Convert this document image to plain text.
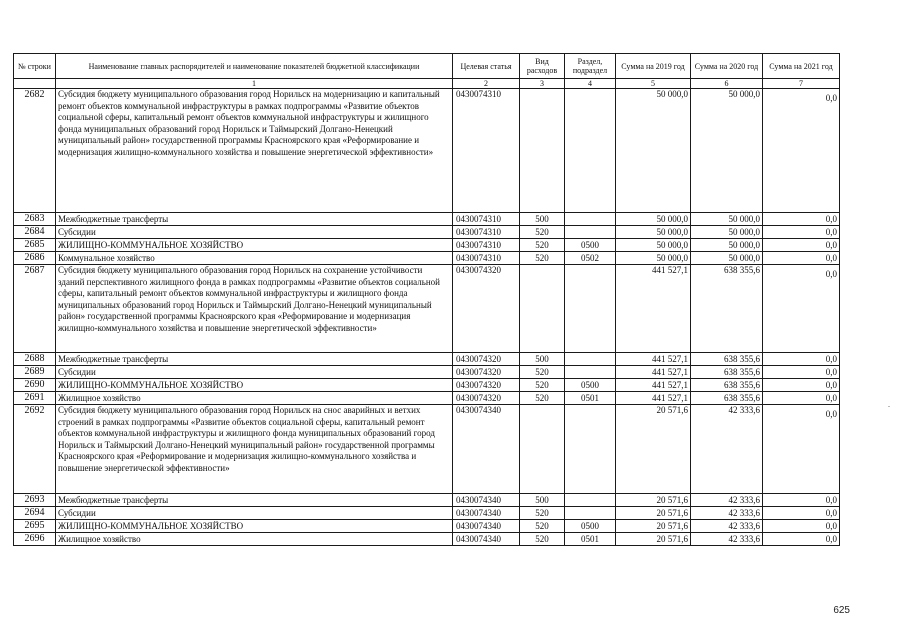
№ строки	Наименование главных распорядителей и наименование показателей бюджетной классификации	Целевая статья	Вид расходов	Раздел, подраздел	Сумма на 2019 год	Сумма на 2020 год	Сумма на 2021 год
	1	2	3	4	5	6	7
2682	Субсидия бюджету муниципального образования город Норильск на модернизацию и капитальный ремонт объектов коммунальной инфраструктуры в рамках подпрограммы «Развитие объектов социальной сферы, капитальный ремонт объектов коммунальной инфраструктуры и жилищного фонда муниципальных образований город Норильск и Таймырский Долгано-Ненецкий муниципальный район» государственной программы Красноярского края «Реформирование и модернизация жилищно-коммунального хозяйства и повышение энергетической эффективности»	0430074310			50 000,0	50 000,0	0,0
2683	Межбюджетные трансферты	0430074310	500		50 000,0	50 000,0	0,0
2684	Субсидии	0430074310	520		50 000,0	50 000,0	0,0
2685	ЖИЛИЩНО-КОММУНАЛЬНОЕ ХОЗЯЙСТВО	0430074310	520	0500	50 000,0	50 000,0	0,0
2686	Коммунальное хозяйство	0430074310	520	0502	50 000,0	50 000,0	0,0
2687	Субсидия бюджету муниципального образования город Норильск на сохранение устойчивости зданий перспективного жилищного фонда в рамках подпрограммы «Развитие объектов социальной сферы, капитальный ремонт объектов коммунальной инфраструктуры и жилищного фонда муниципальных образований город Норильск и Таймырский Долгано-Ненецкий муниципальный район» государственной программы Красноярского края «Реформирование и модернизация жилищно-коммунального хозяйства и повышение энергетической эффективности»	0430074320			441 527,1	638 355,6	0,0
2688	Межбюджетные трансферты	0430074320	500		441 527,1	638 355,6	0,0
2689	Субсидии	0430074320	520		441 527,1	638 355,6	0,0
2690	ЖИЛИЩНО-КОММУНАЛЬНОЕ ХОЗЯЙСТВО	0430074320	520	0500	441 527,1	638 355,6	0,0
2691	Жилищное хозяйство	0430074320	520	0501	441 527,1	638 355,6	0,0
2692	Субсидия бюджету муниципального образования город Норильск на снос аварийных и ветхих строений в рамках подпрограммы «Развитие объектов социальной сферы, капитальный ремонт объектов коммунальной инфраструктуры и жилищного фонда муниципальных образований город Норильск и Таймырский Долгано-Ненецкий муниципальный район» государственной программы Красноярского края «Реформирование и модернизация жилищно-коммунального хозяйства и повышение энергетической эффективности»	0430074340			20 571,6	42 333,6	0,0
2693	Межбюджетные трансферты	0430074340	500		20 571,6	42 333,6	0,0
2694	Субсидии	0430074340	520		20 571,6	42 333,6	0,0
2695	ЖИЛИЩНО-КОММУНАЛЬНОЕ ХОЗЯЙСТВО	0430074340	520	0500	20 571,6	42 333,6	0,0
2696	Жилищное хозяйство	0430074340	520	0501	20 571,6	42 333,6	0,0
625
